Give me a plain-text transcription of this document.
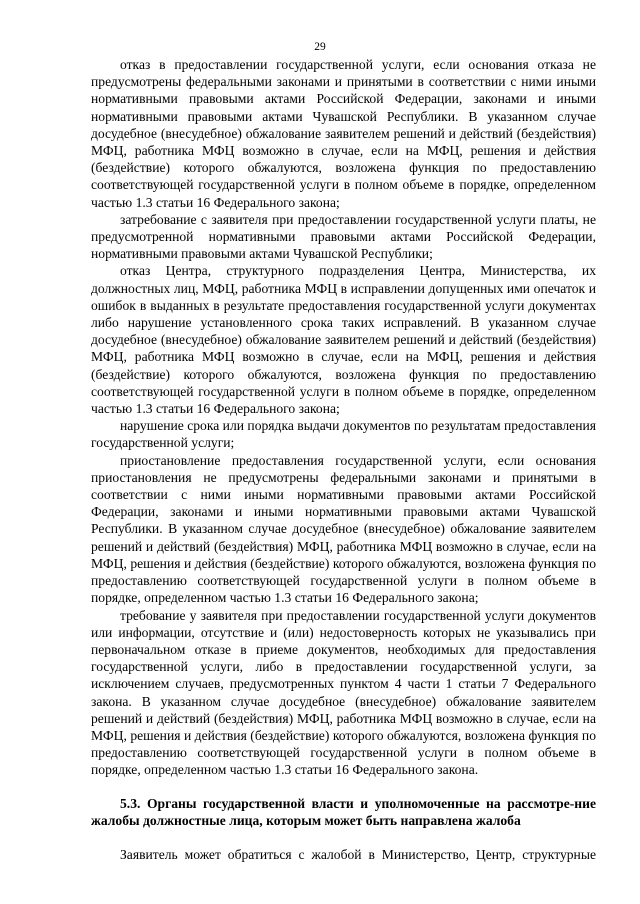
29

отказ в предоставлении государственной услуги, если основания отказа не предусмотрены федеральными законами и принятыми в соответствии с ними иными нормативными правовыми актами Российской Федерации, законами и иными нормативными правовыми актами Чувашской Республики. В указанном случае досудебное (внесудебное) обжалование заявителем решений и действий (бездействия) МФЦ, работника МФЦ возможно в случае, если на МФЦ, решения и действия (бездействие) которого обжалуются, возложена функция по предоставлению соответствующей государственной услуги в полном объеме в порядке, определенном частью 1.3 статьи 16 Федерального закона;

затребование с заявителя при предоставлении государственной услуги платы, не предусмотренной нормативными правовыми актами Российской Федерации, нормативными правовыми актами Чувашской Республики;

отказ Центра, структурного подразделения Центра, Министерства, их должностных лиц, МФЦ, работника МФЦ в исправлении допущенных ими опечаток и ошибок в выданных в результате предоставления государственной услуги документах либо нарушение установленного срока таких исправлений. В указанном случае досудебное (внесудебное) обжалование заявителем решений и действий (бездействия) МФЦ, работника МФЦ возможно в случае, если на МФЦ, решения и действия (бездействие) которого обжалуются, возложена функция по предоставлению соответствующей государственной услуги в полном объеме в порядке, определенном частью 1.3 статьи 16 Федерального закона;

нарушение срока или порядка выдачи документов по результатам предоставления государственной услуги;

приостановление предоставления государственной услуги, если основания приостановления не предусмотрены федеральными законами и принятыми в соответствии с ними иными нормативными правовыми актами Российской Федерации, законами и иными нормативными правовыми актами Чувашской Республики. В указанном случае досудебное (внесудебное) обжалование заявителем решений и действий (бездействия) МФЦ, работника МФЦ возможно в случае, если на МФЦ, решения и действия (бездействие) которого обжалуются, возложена функция по предоставлению соответствующей государственной услуги в полном объеме в порядке, определенном частью 1.3 статьи 16 Федерального закона;

требование у заявителя при предоставлении государственной услуги документов или информации, отсутствие и (или) недостоверность которых не указывались при первоначальном отказе в приеме документов, необходимых для предоставления государственной услуги, либо в предоставлении государственной услуги, за исключением случаев, предусмотренных пунктом 4 части 1 статьи 7 Федерального закона. В указанном случае досудебное (внесудебное) обжалование заявителем решений и действий (бездействия) МФЦ, работника МФЦ возможно в случае, если на МФЦ, решения и действия (бездействие) которого обжалуются, возложена функция по предоставлению соответствующей государственной услуги в полном объеме в порядке, определенном частью 1.3 статьи 16 Федерального закона.

5.3. Органы государственной власти и уполномоченные на рассмотре-ние жалобы должностные лица, которым может быть направлена жалоба

Заявитель может обратиться с жалобой в Министерство, Центр, структурные
